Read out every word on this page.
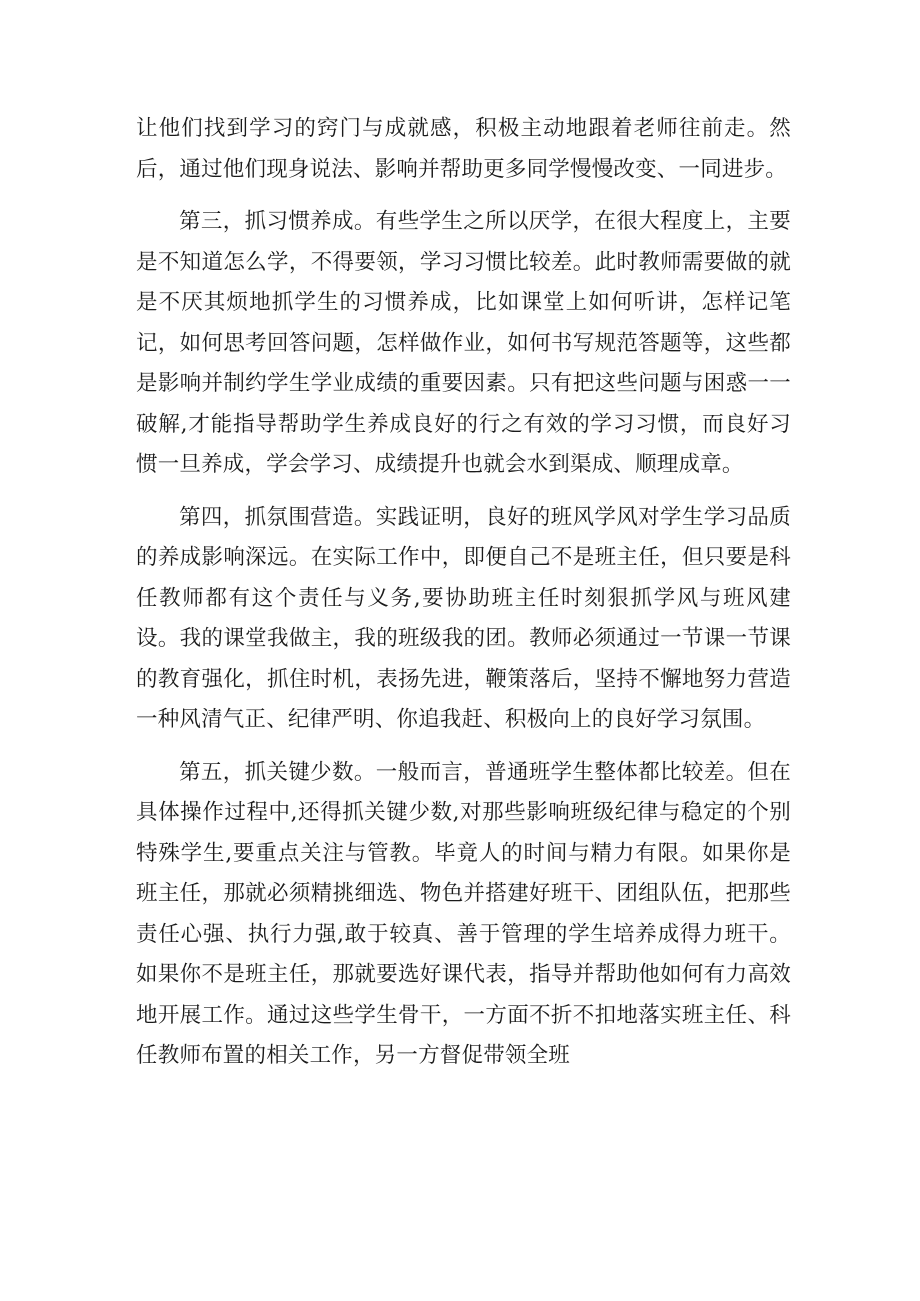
让他们找到学习的窍门与成就感，积极主动地跟着老师往前走。然后，通过他们现身说法、影响并帮助更多同学慢慢改变、一同进步。

第三，抓习惯养成。有些学生之所以厌学，在很大程度上，主要是不知道怎么学，不得要领，学习习惯比较差。此时教师需要做的就是不厌其烦地抓学生的习惯养成，比如课堂上如何听讲，怎样记笔记，如何思考回答问题，怎样做作业，如何书写规范答题等，这些都是影响并制约学生学业成绩的重要因素。只有把这些问题与困惑一一破解,才能指导帮助学生养成良好的行之有效的学习习惯，而良好习惯一旦养成，学会学习、成绩提升也就会水到渠成、顺理成章。

第四，抓氛围营造。实践证明，良好的班风学风对学生学习品质的养成影响深远。在实际工作中，即便自己不是班主任，但只要是科任教师都有这个责任与义务,要协助班主任时刻狠抓学风与班风建设。我的课堂我做主，我的班级我的团。教师必须通过一节课一节课的教育强化，抓住时机，表扬先进，鞭策落后，坚持不懈地努力营造一种风清气正、纪律严明、你追我赶、积极向上的良好学习氛围。

第五，抓关键少数。一般而言，普通班学生整体都比较差。但在具体操作过程中,还得抓关键少数,对那些影响班级纪律与稳定的个别特殊学生,要重点关注与管教。毕竟人的时间与精力有限。如果你是班主任，那就必须精挑细选、物色并搭建好班干、团组队伍，把那些责任心强、执行力强,敢于较真、善于管理的学生培养成得力班干。如果你不是班主任，那就要选好课代表，指导并帮助他如何有力高效地开展工作。通过这些学生骨干，一方面不折不扣地落实班主任、科任教师布置的相关工作，另一方督促带领全班
